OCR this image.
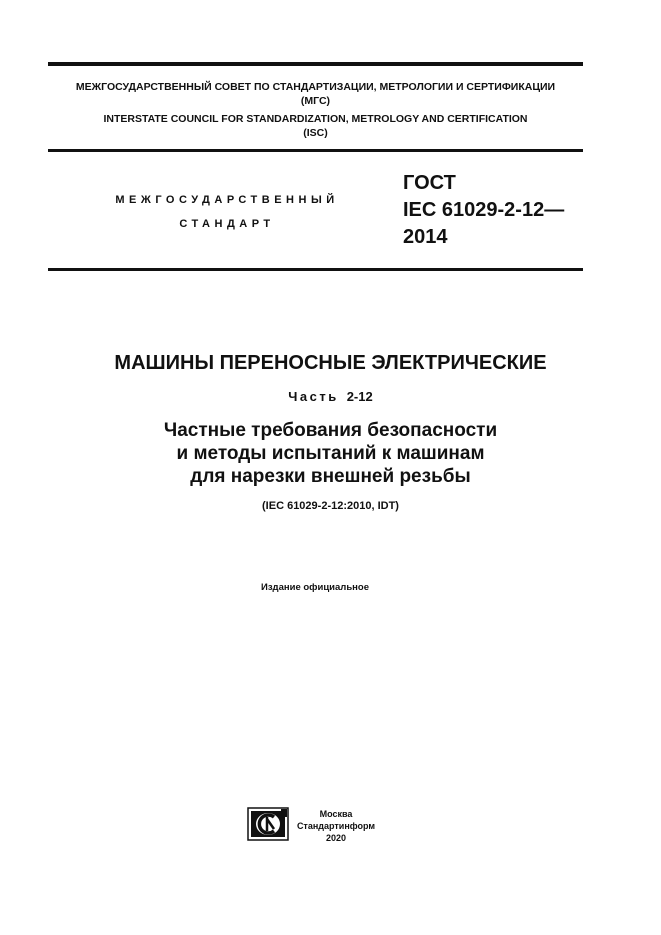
МЕЖГОСУДАРСТВЕННЫЙ СОВЕТ ПО СТАНДАРТИЗАЦИИ, МЕТРОЛОГИИ И СЕРТИФИКАЦИИ
(МГС)
INTERSTATE COUNCIL FOR STANDARDIZATION, METROLOGY AND CERTIFICATION
(ISC)
МЕЖГОСУДАРСТВЕННЫЙ
СТАНДАРТ
ГОСТ
IEC 61029-2-12—
2014
МАШИНЫ ПЕРЕНОСНЫЕ ЭЛЕКТРИЧЕСКИЕ
Часть 2-12
Частные требования безопасности
и методы испытаний к машинам
для нарезки внешней резьбы
(IEC 61029-2-12:2010, IDT)
Издание официальное
Москва
Стандартинформ
2020
